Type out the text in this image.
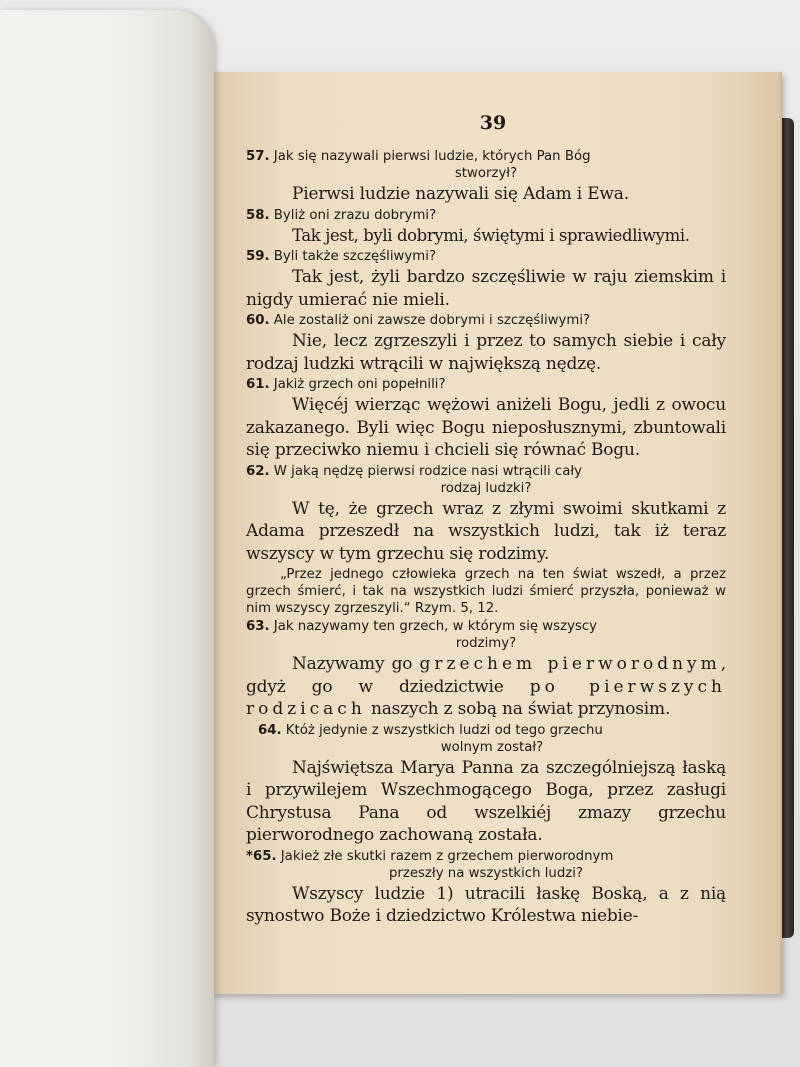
39
57. Jak się nazywali pierwsi ludzie, których Pan Bóg
stworzył?

Pierwsi ludzie nazywali się Adam i Ewa.

58. Byliż oni zrazu dobrymi?

Tak jest, byli dobrymi, świętymi i sprawiedliwymi.

59. Byli także szczęśliwymi?

Tak jest, żyli bardzo szczęśliwie w raju ziemskim i nigdy umierać nie mieli.

60. Ale zostaliż oni zawsze dobrymi i szczęśliwymi?

Nie, lecz zgrzeszyli i przez to samych siebie i cały rodzaj ludzki wtrącili w największą nędzę.

61. Jakiż grzech oni popełnili?

Więcéj wierząc wężowi aniżeli Bogu, jedli z owocu zakazanego. Byli więc Bogu nieposłusznymi, zbuntowali się przeciwko niemu i chcieli się równać Bogu.

62. W jaką nędzę pierwsi rodzice nasi wtrącili cały
rodzaj ludzki?

W tę, że grzech wraz z złymi swoimi skutkami z Adama przeszedł na wszystkich ludzi, tak iż teraz wszyscy w tym grzechu się rodzimy.

„Przez jednego człowieka grzech na ten świat wszedł, a przez grzech śmierć, i tak na wszystkich ludzi śmierć przyszła, ponieważ w nim wszyscy zgrzeszyli.“ Rzym. 5, 12.

63. Jak nazywamy ten grzech, w którym się wszyscy
rodzimy?

Nazywamy go grzechem pierworodnym, gdyż go w dziedzictwie po pierwszych rodzicach naszych z sobą na świat przynosim.

64. Któż jedynie z wszystkich ludzi od tego grzechu
wolnym został?

Najświętsza Marya Panna za szczególniejszą łaską i przywilejem Wszechmogącego Boga, przez zasługi Chrystusa Pana od wszelkiéj zmazy grzechu pierworodnego zachowaną została.

*65. Jakież złe skutki razem z grzechem pierworodnym
przeszły na wszystkich ludzi?

Wszyscy ludzie 1) utracili łaskę Boską, a z nią synostwo Boże i dziedzictwo Królestwa niebie-
